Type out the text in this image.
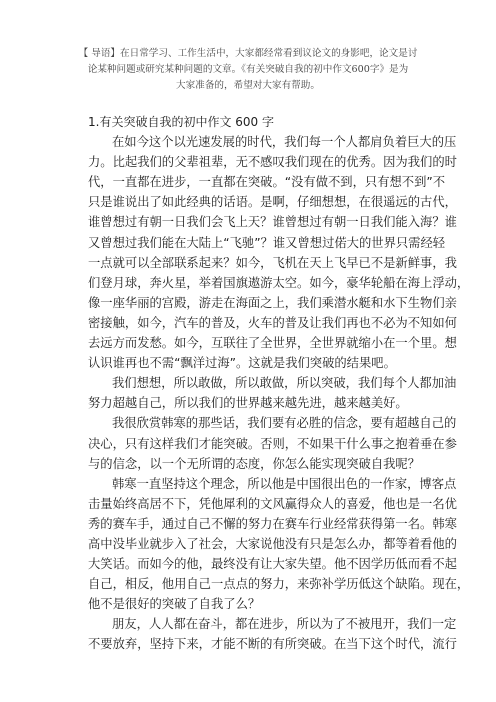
【 导语】在日常学习、工作生活中，大家都经常看到议论文的身影吧，论文是讨
论某种问题或研究某种问题的文章。《有关突破自我的初中作文600字》是为
大家准备的，希望对大家有帮助。
1.有关突破自我的初中作文 600 字
在如今这个以光速发展的时代，我们每一个人都肩负着巨大的压
力。比起我们的父辈祖辈，无不感叹我们现在的优秀。因为我们的时
代，一直都在进步，一直都在突破。“没有做不到，只有想不到”不
只是谁说出了如此经典的话语。是啊，仔细想想，在很遥远的古代，
谁曾想过有朝一日我们会飞上天？谁曾想过有朝一日我们能入海？谁
又曾想过我们能在大陆上“飞驰”？谁又曾想过偌大的世界只需经轻
一点就可以全部联系起来？如今，飞机在天上飞早已不是新鲜事，我
们登月球，奔火星，举着国旗遨游太空。如今，豪华轮船在海上浮动，
像一座华丽的宫殿，游走在海面之上，我们乘潜水艇和水下生物们亲
密接触，如今，汽车的普及，火车的普及让我们再也不必为不知如何
去远方而发愁。如今，互联往了全世界，全世界就缩小在一个里。想
认识谁再也不需“飘洋过海”。这就是我们突破的结果吧。
我们想想，所以敢做，所以敢做，所以突破，我们每个人都加油
努力超越自己，所以我们的世界越来越先进，越来越美好。
我很欣赏韩寒的那些话，我们要有必胜的信念，要有超越自己的
决心，只有这样我们才能突破。否则，不如果干什么事之抱着垂在参
与的信念，以一个无所谓的态度，你怎么能实现突破自我呢？
韩寒一直坚持这个理念，所以他是中国很出色的一作家，博客点
击量始终高居不下，凭他犀利的文风赢得众人的喜爱，他也是一名优
秀的赛车手，通过自己不懈的努力在赛车行业经常获得第一名。韩寒
高中没毕业就步入了社会，大家说他没有只是怎么办，都等着看他的
大笑话。而如今的他，最终没有让大家失望。他不因学历低而看不起
自己，相反，他用自己一点点的努力，来弥补学历低这个缺陷。现在，
他不是很好的突破了自我了么？
朋友，人人都在奋斗，都在进步，所以为了不被甩开，我们一定
不要放弃，坚持下来，才能不断的有所突破。在当下这个时代，流行
